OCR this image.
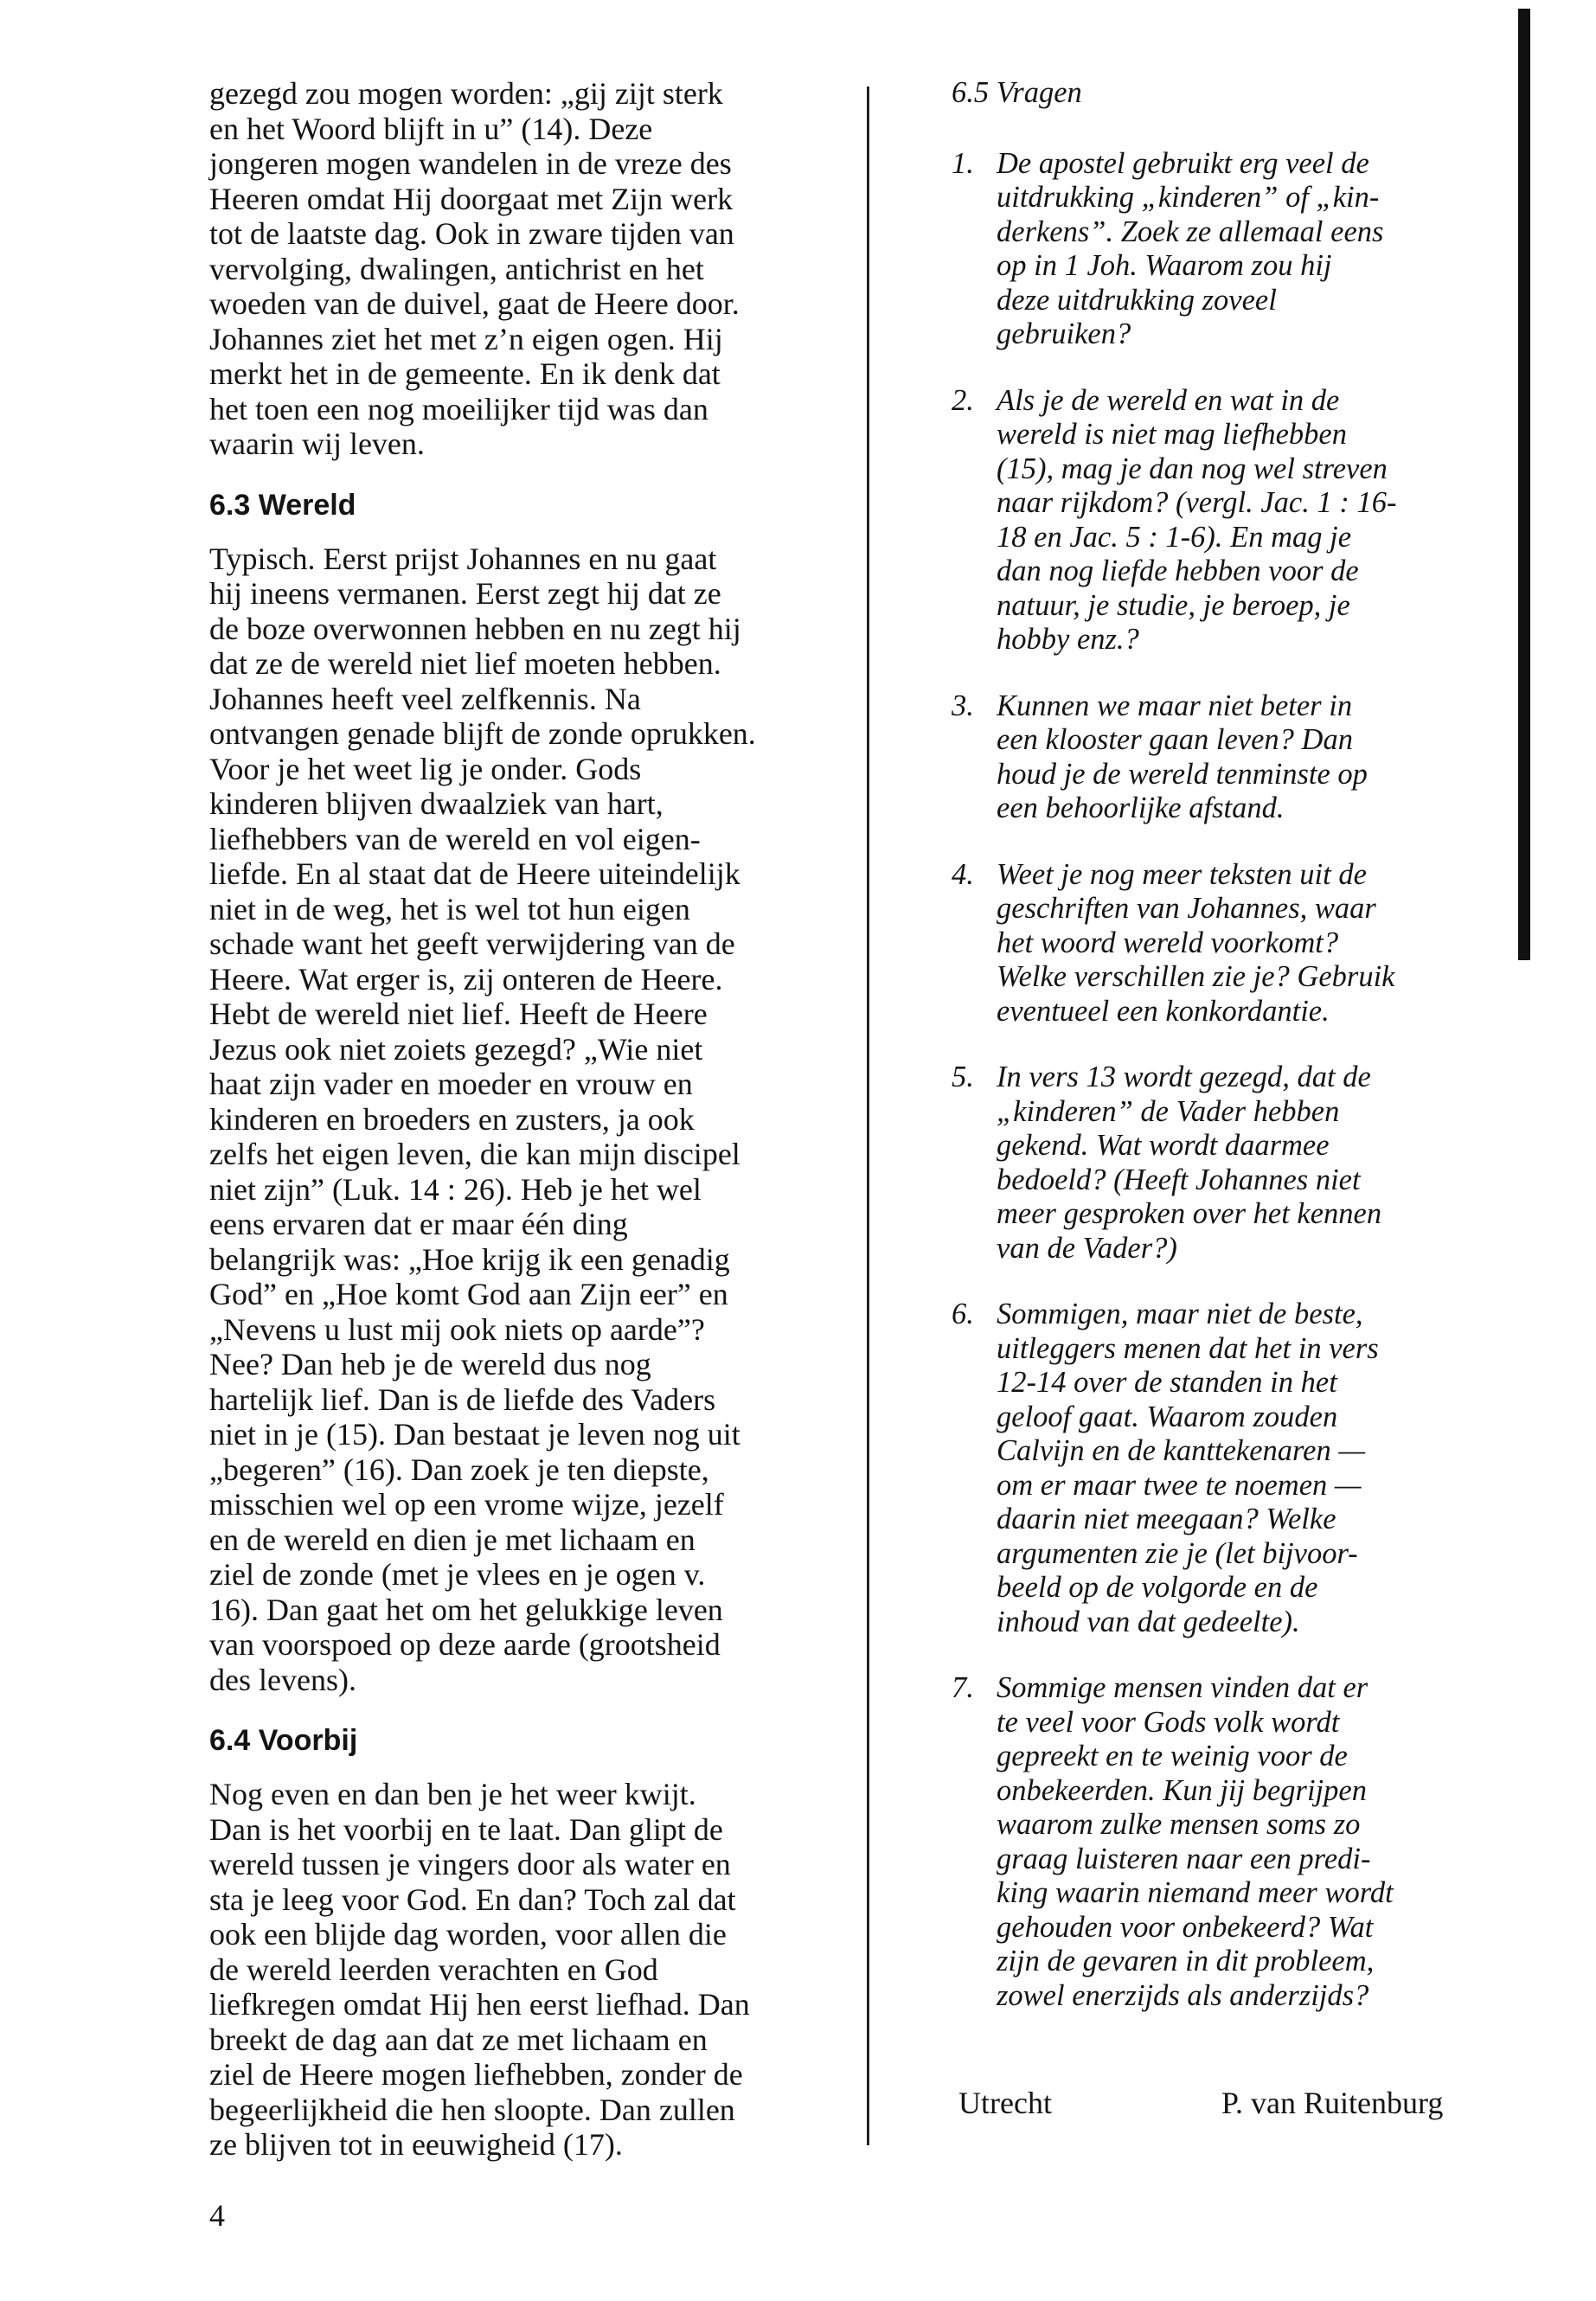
gezegd zou mogen worden: „gij zijt sterk
en het Woord blijft in u” (14). Deze
jongeren mogen wandelen in de vreze des
Heeren omdat Hij doorgaat met Zijn werk
tot de laatste dag. Ook in zware tijden van
vervolging, dwalingen, antichrist en het
woeden van de duivel, gaat de Heere door.
Johannes ziet het met z’n eigen ogen. Hij
merkt het in de gemeente. En ik denk dat
het toen een nog moeilijker tijd was dan
waarin wij leven.

6.3 Wereld

Typisch. Eerst prijst Johannes en nu gaat
hij ineens vermanen. Eerst zegt hij dat ze
de boze overwonnen hebben en nu zegt hij
dat ze de wereld niet lief moeten hebben.
Johannes heeft veel zelfkennis. Na
ontvangen genade blijft de zonde oprukken.
Voor je het weet lig je onder. Gods
kinderen blijven dwaalziek van hart,
liefhebbers van de wereld en vol eigen-
liefde. En al staat dat de Heere uiteindelijk
niet in de weg, het is wel tot hun eigen
schade want het geeft verwijdering van de
Heere. Wat erger is, zij onteren de Heere.
Hebt de wereld niet lief. Heeft de Heere
Jezus ook niet zoiets gezegd? „Wie niet
haat zijn vader en moeder en vrouw en
kinderen en broeders en zusters, ja ook
zelfs het eigen leven, die kan mijn discipel
niet zijn” (Luk. 14 : 26). Heb je het wel
eens ervaren dat er maar één ding
belangrijk was: „Hoe krijg ik een genadig
God” en „Hoe komt God aan Zijn eer” en
„Nevens u lust mij ook niets op aarde”?
Nee? Dan heb je de wereld dus nog
hartelijk lief. Dan is de liefde des Vaders
niet in je (15). Dan bestaat je leven nog uit
„begeren” (16). Dan zoek je ten diepste,
misschien wel op een vrome wijze, jezelf
en de wereld en dien je met lichaam en
ziel de zonde (met je vlees en je ogen v.
16). Dan gaat het om het gelukkige leven
van voorspoed op deze aarde (grootsheid
des levens).

6.4 Voorbij

Nog even en dan ben je het weer kwijt.
Dan is het voorbij en te laat. Dan glipt de
wereld tussen je vingers door als water en
sta je leeg voor God. En dan? Toch zal dat
ook een blijde dag worden, voor allen die
de wereld leerden verachten en God
liefkregen omdat Hij hen eerst liefhad. Dan
breekt de dag aan dat ze met lichaam en
ziel de Heere mogen liefhebben, zonder de
begeerlijkheid die hen sloopte. Dan zullen
ze blijven tot in eeuwigheid (17).

6.5 Vragen

1. De apostel gebruikt erg veel de
uitdrukking „kinderen” of „kin-
derkens”. Zoek ze allemaal eens
op in 1 Joh. Waarom zou hij
deze uitdrukking zoveel
gebruiken?
2. Als je de wereld en wat in de
wereld is niet mag liefhebben
(15), mag je dan nog wel streven
naar rijkdom? (vergl. Jac. 1 : 16-
18 en Jac. 5 : 1-6). En mag je
dan nog liefde hebben voor de
natuur, je studie, je beroep, je
hobby enz.?
3. Kunnen we maar niet beter in
een klooster gaan leven? Dan
houd je de wereld tenminste op
een behoorlijke afstand.
4. Weet je nog meer teksten uit de
geschriften van Johannes, waar
het woord wereld voorkomt?
Welke verschillen zie je? Gebruik
eventueel een konkordantie.
5. In vers 13 wordt gezegd, dat de
„kinderen” de Vader hebben
gekend. Wat wordt daarmee
bedoeld? (Heeft Johannes niet
meer gesproken over het kennen
van de Vader?)
6. Sommigen, maar niet de beste,
uitleggers menen dat het in vers
12-14 over de standen in het
geloof gaat. Waarom zouden
Calvijn en de kanttekenaren —
om er maar twee te noemen —
daarin niet meegaan? Welke
argumenten zie je (let bijvoor-
beeld op de volgorde en de
inhoud van dat gedeelte).
7. Sommige mensen vinden dat er
te veel voor Gods volk wordt
gepreekt en te weinig voor de
onbekeerden. Kun jij begrijpen
waarom zulke mensen soms zo
graag luisteren naar een predi-
king waarin niemand meer wordt
gehouden voor onbekeerd? Wat
zijn de gevaren in dit probleem,
zowel enerzijds als anderzijds?
Utrecht	P. van Ruitenburg
4
